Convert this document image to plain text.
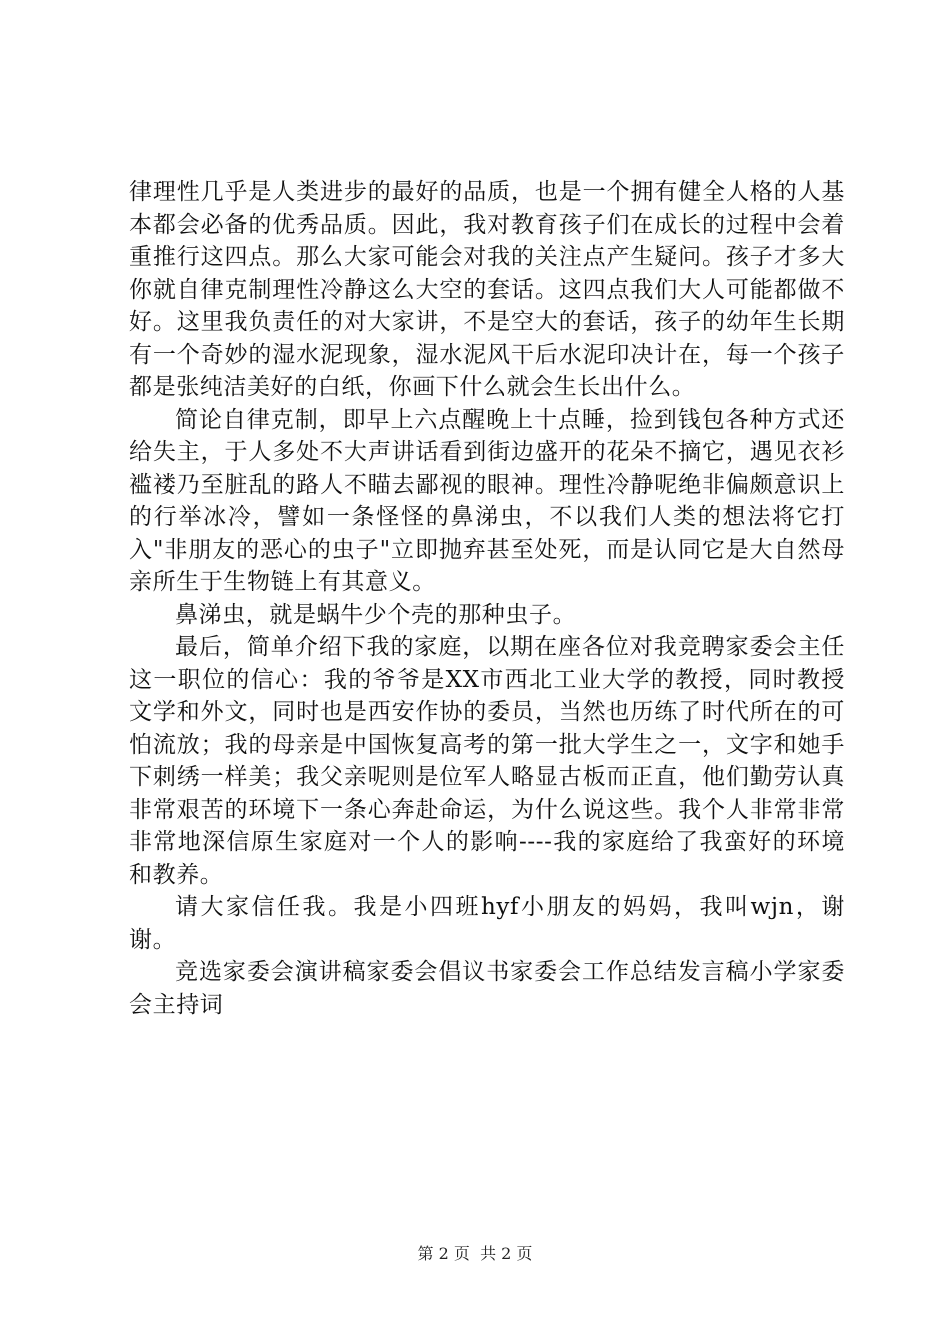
律理性几乎是人类进步的最好的品质，也是一个拥有健全人格的人基本都会必备的优秀品质。因此，我对教育孩子们在成长的过程中会着重推行这四点。那么大家可能会对我的关注点产生疑问。孩子才多大你就自律克制理性冷静这么大空的套话。这四点我们大人可能都做不好。这里我负责任的对大家讲，不是空大的套话，孩子的幼年生长期有一个奇妙的湿水泥现象，湿水泥风干后水泥印决计在，每一个孩子都是张纯洁美好的白纸，你画下什么就会生长出什么。

简论自律克制，即早上六点醒晚上十点睡，捡到钱包各种方式还给失主，于人多处不大声讲话看到街边盛开的花朵不摘它，遇见衣衫褴褛乃至脏乱的路人不瞄去鄙视的眼神。理性冷静呢绝非偏颇意识上的行举冰冷，譬如一条怪怪的鼻涕虫，不以我们人类的想法将它打入"非朋友的恶心的虫子"立即抛弃甚至处死，而是认同它是大自然母亲所生于生物链上有其意义。

鼻涕虫，就是蜗牛少个壳的那种虫子。

最后，简单介绍下我的家庭，以期在座各位对我竞聘家委会主任这一职位的信心：我的爷爷是XX市西北工业大学的教授，同时教授文学和外文，同时也是西安作协的委员，当然也历练了时代所在的可怕流放；我的母亲是中国恢复高考的第一批大学生之一，文字和她手下刺绣一样美；我父亲呢则是位军人略显古板而正直，他们勤劳认真非常艰苦的环境下一条心奔赴命运，为什么说这些。我个人非常非常非常地深信原生家庭对一个人的影响----我的家庭给了我蛮好的环境和教养。

请大家信任我。我是小四班hyf小朋友的妈妈，我叫wjn，谢谢。

竞选家委会演讲稿家委会倡议书家委会工作总结发言稿小学家委会主持词

第 2 页  共 2 页
